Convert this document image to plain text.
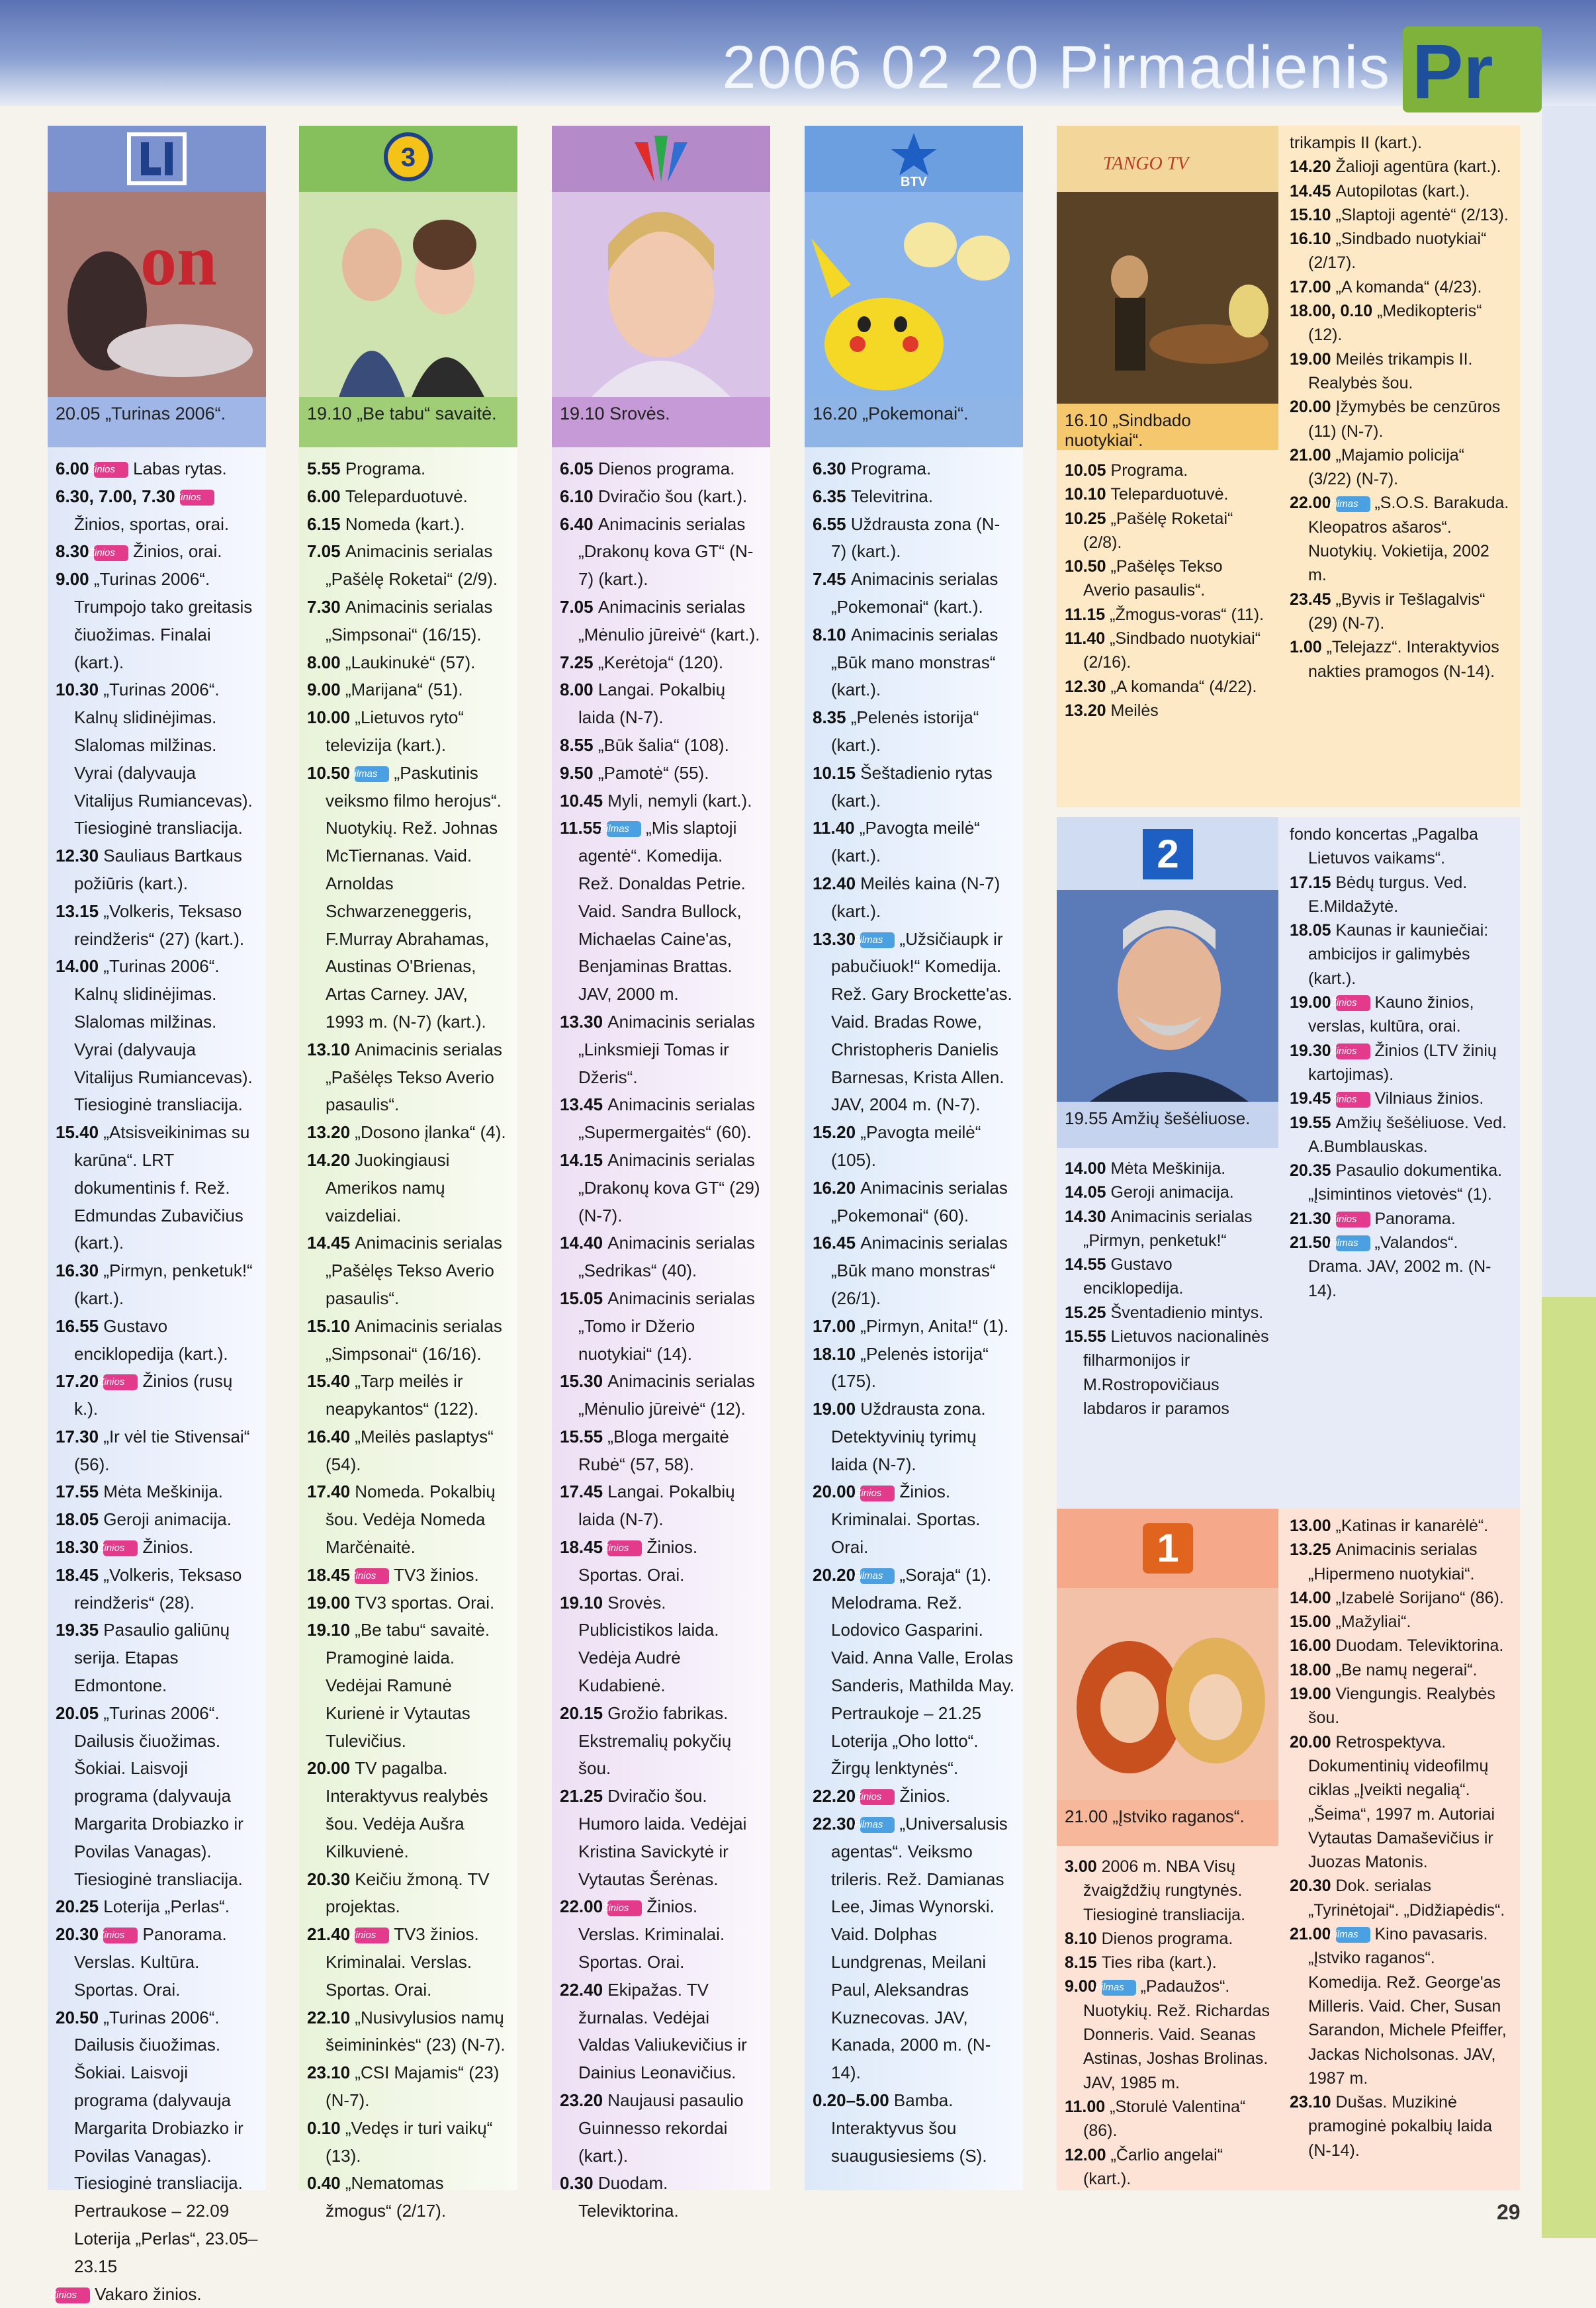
2006 02 20 Pirmadienis Pr
on
20.05 „Turinas 2006“.
6.00 Žinios Labas rytas.
6.30, 7.00, 7.30 Žinios Žinios, sportas, orai.
8.30 Žinios Žinios, orai.
9.00 „Turinas 2006“. Trumpojo tako greitasis čiuožimas. Finalai (kart.).
10.30 „Turinas 2006“. Kalnų slidinėjimas. Slalomas milžinas. Vyrai (dalyvauja Vitalijus Rumiancevas). Tiesioginė transliacija.
12.30 Sauliaus Bartkaus požiūris (kart.).
13.15 „Volkeris, Teksaso reindžeris“ (27) (kart.).
14.00 „Turinas 2006“. Kalnų slidinėjimas. Slalomas milžinas. Vyrai (dalyvauja Vitalijus Rumiancevas). Tiesioginė transliacija.
15.40 „Atsisveikinimas su karūna“. LRT dokumentinis f. Rež. Edmundas Zubavičius (kart.).
16.30 „Pirmyn, penketuk!“ (kart.).
16.55 Gustavo enciklopedija (kart.).
17.20 Žinios Žinios (rusų k.).
17.30 „Ir vėl tie Stivensai“ (56).
17.55 Mėta Meškinija.
18.05 Geroji animacija.
18.30 Žinios Žinios.
18.45 „Volkeris, Teksaso reindžeris“ (28).
19.35 Pasaulio galiūnų serija. Etapas Edmontone.
20.05 „Turinas 2006“. Dailusis čiuožimas. Šokiai. Laisvoji programa (dalyvauja Margarita Drobiazko ir Povilas Vanagas). Tiesioginė transliacija.
20.25 Loterija „Perlas“.
20.30 Žinios Panorama. Verslas. Kultūra. Sportas. Orai.
20.50 „Turinas 2006“. Dailusis čiuožimas. Šokiai. Laisvoji programa (dalyvauja Margarita Drobiazko ir Povilas Vanagas). Tiesioginė transliacija. Pertraukose – 22.09 Loterija „Perlas“, 23.05–23.15
Žinios Vakaro žinios.
3
19.10 „Be tabu“ savaitė.
5.55 Programa.
6.00 Teleparduotuvė.
6.15 Nomeda (kart.).
7.05 Animacinis serialas „Pašėlę Roketai“ (2/9).
7.30 Animacinis serialas „Simpsonai“ (16/15).
8.00 „Laukinukė“ (57).
9.00 „Marijana“ (51).
10.00 „Lietuvos ryto“ televizija (kart.).
10.50 Filmas „Paskutinis veiksmo filmo herojus“. Nuotykių. Rež. Johnas McTiernanas. Vaid. Arnoldas Schwarzeneggeris, F.Murray Abrahamas, Austinas O'Brienas, Artas Carney. JAV, 1993 m. (N-7) (kart.).
13.10 Animacinis serialas „Pašėlęs Tekso Averio pasaulis“.
13.20 „Dosono įlanka“ (4).
14.20 Juokingiausi Amerikos namų vaizdeliai.
14.45 Animacinis serialas „Pašėlęs Tekso Averio pasaulis“.
15.10 Animacinis serialas „Simpsonai“ (16/16).
15.40 „Tarp meilės ir neapykantos“ (122).
16.40 „Meilės paslaptys“ (54).
17.40 Nomeda. Pokalbių šou. Vedėja Nomeda Marčėnaitė.
18.45 Žinios TV3 žinios.
19.00 TV3 sportas. Orai.
19.10 „Be tabu“ savaitė. Pramoginė laida. Vedėjai Ramunė Kurienė ir Vytautas Tulevičius.
20.00 TV pagalba. Interaktyvus realybės šou. Vedėja Aušra Kilkuvienė.
20.30 Keičiu žmoną. TV projektas.
21.40 Žinios TV3 žinios. Kriminalai. Verslas. Sportas. Orai.
22.10 „Nusivylusios namų šeimininkės“ (23) (N-7).
23.10 „CSI Majamis“ (23) (N-7).
0.10 „Vedęs ir turi vaikų“ (13).
0.40 „Nematomas žmogus“ (2/17).
19.10 Srovės.
6.05 Dienos programa.
6.10 Dviračio šou (kart.).
6.40 Animacinis serialas „Drakonų kova GT“ (N-7) (kart.).
7.05 Animacinis serialas „Mėnulio jūreivė“ (kart.).
7.25 „Kerėtoja“ (120).
8.00 Langai. Pokalbių laida (N-7).
8.55 „Būk šalia“ (108).
9.50 „Pamotė“ (55).
10.45 Myli, nemyli (kart.).
11.55 Filmas „Mis slaptoji agentė“. Komedija. Rež. Donaldas Petrie. Vaid. Sandra Bullock, Michaelas Caine'as, Benjaminas Brattas. JAV, 2000 m.
13.30 Animacinis serialas „Linksmieji Tomas ir Džeris“.
13.45 Animacinis serialas „Supermergaitės“ (60).
14.15 Animacinis serialas „Drakonų kova GT“ (29) (N-7).
14.40 Animacinis serialas „Sedrikas“ (40).
15.05 Animacinis serialas „Tomo ir Džerio nuotykiai“ (14).
15.30 Animacinis serialas „Mėnulio jūreivė“ (12).
15.55 „Bloga mergaitė Rubė“ (57, 58).
17.45 Langai. Pokalbių laida (N-7).
18.45 Žinios Žinios. Sportas. Orai.
19.10 Srovės. Publicistikos laida. Vedėja Audrė Kudabienė.
20.15 Grožio fabrikas. Ekstremalių pokyčių šou.
21.25 Dviračio šou. Humoro laida. Vedėjai Kristina Savickytė ir Vytautas Šerėnas.
22.00 Žinios Žinios. Verslas. Kriminalai. Sportas. Orai.
22.40 Ekipažas. TV žurnalas. Vedėjai Valdas Valiukevičius ir Dainius Leonavičius.
23.20 Naujausi pasaulio Guinnesso rekordai (kart.).
0.30 Duodam. Televiktorina.
BTV
16.20 „Pokemonai“.
6.30 Programa.
6.35 Televitrina.
6.55 Uždrausta zona (N-7) (kart.).
7.45 Animacinis serialas „Pokemonai“ (kart.).
8.10 Animacinis serialas „Būk mano monstras“ (kart.).
8.35 „Pelenės istorija“ (kart.).
10.15 Šeštadienio rytas (kart.).
11.40 „Pavogta meilė“ (kart.).
12.40 Meilės kaina (N-7) (kart.).
13.30 Filmas „Užsičiaupk ir pabučiuok!“ Komedija. Rež. Gary Brockette'as. Vaid. Bradas Rowe, Christopheris Danielis Barnesas, Krista Allen. JAV, 2004 m. (N-7).
15.20 „Pavogta meilė“ (105).
16.20 Animacinis serialas „Pokemonai“ (60).
16.45 Animacinis serialas „Būk mano monstras“ (26/1).
17.00 „Pirmyn, Anita!“ (1).
18.10 „Pelenės istorija“ (175).
19.00 Uždrausta zona. Detektyvinių tyrimų laida (N-7).
20.00 Žinios Žinios. Kriminalai. Sportas. Orai.
20.20 Filmas „Soraja“ (1). Melodrama. Rež. Lodovico Gasparini. Vaid. Anna Valle, Erolas Sanderis, Mathilda May. Pertraukoje – 21.25 Loterija „Oho lotto“. Žirgų lenktynės“.
22.20 Žinios Žinios.
22.30 Filmas „Universalusis agentas“. Veiksmo trileris. Rež. Damianas Lee, Jimas Wynorski. Vaid. Dolphas Lundgrenas, Meilani Paul, Aleksandras Kuznecovas. JAV, Kanada, 2000 m. (N-14).
0.20–5.00 Bamba. Interaktyvus šou suaugusiesiems (S).
TANGO TV
16.10 „Sindbado nuotykiai“.
10.05 Programa.
10.10 Teleparduotuvė.
10.25 „Pašėlę Roketai“ (2/8).
10.50 „Pašėlęs Tekso Averio pasaulis“.
11.15 „Žmogus-voras“ (11).
11.40 „Sindbado nuotykiai“ (2/16).
12.30 „A komanda“ (4/22).
13.20 Meilės
trikampis II (kart.).
14.20 Žalioji agentūra (kart.).
14.45 Autopilotas (kart.).
15.10 „Slaptoji agentė“ (2/13).
16.10 „Sindbado nuotykiai“ (2/17).
17.00 „A komanda“ (4/23).
18.00, 0.10 „Medikopteris“ (12).
19.00 Meilės trikampis II. Realybės šou.
20.00 Įžymybės be cenzūros (11) (N-7).
21.00 „Majamio policija“ (3/22) (N-7).
22.00 Filmas „S.O.S. Barakuda. Kleopatros ašaros“. Nuotykių. Vokietija, 2002 m.
23.45 „Byvis ir Tešlagalvis“ (29) (N-7).
1.00 „Telejazz“. Interaktyvios nakties pramogos (N-14).
2
19.55 Amžių šešėliuose.
14.00 Mėta Meškinija.
14.05 Geroji animacija.
14.30 Animacinis serialas „Pirmyn, penketuk!“
14.55 Gustavo enciklopedija.
15.25 Šventadienio mintys.
15.55 Lietuvos nacionalinės filharmonijos ir M.Rostropovičiaus labdaros ir paramos
fondo koncertas „Pagalba Lietuvos vaikams“.
17.15 Bėdų turgus. Ved. E.Mildažytė.
18.05 Kaunas ir kauniečiai: ambicijos ir galimybės (kart.).
19.00 Žinios Kauno žinios, verslas, kultūra, orai.
19.30 Žinios Žinios (LTV žinių kartojimas).
19.45 Žinios Vilniaus žinios.
19.55 Amžių šešėliuose. Ved. A.Bumblauskas.
20.35 Pasaulio dokumentika. „Įsimintinos vietovės“ (1).
21.30 Žinios Panorama.
21.50 Filmas „Valandos“. Drama. JAV, 2002 m. (N-14).
1
21.00 „Įstviko raganos“.
3.00 2006 m. NBA Visų žvaigždžių rungtynės. Tiesioginė transliacija.
8.10 Dienos programa.
8.15 Ties riba (kart.).
9.00 Filmas „Padaužos“. Nuotykių. Rež. Richardas Donneris. Vaid. Seanas Astinas, Joshas Brolinas. JAV, 1985 m.
11.00 „Storulė Valentina“ (86).
12.00 „Čarlio angelai“ (kart.).
13.00 „Katinas ir kanarėlė“.
13.25 Animacinis serialas „Hipermeno nuotykiai“.
14.00 „Izabelė Sorijano“ (86).
15.00 „Mažyliai“.
16.00 Duodam. Televiktorina.
18.00 „Be namų negerai“.
19.00 Viengungis. Realybės šou.
20.00 Retrospektyva. Dokumentinių videofilmų ciklas „Įveikti negalią“. „Šeima“, 1997 m. Autoriai Vytautas Damaševičius ir Juozas Matonis.
20.30 Dok. serialas „Tyrinėtojai“. „Didžiapėdis“.
21.00 Filmas Kino pavasaris. „Įstviko raganos“. Komedija. Rež. George'as Milleris. Vaid. Cher, Susan Sarandon, Michele Pfeiffer, Jackas Nicholsonas. JAV, 1987 m.
23.10 Dušas. Muzikinė pramoginė pokalbių laida (N-14).
29
